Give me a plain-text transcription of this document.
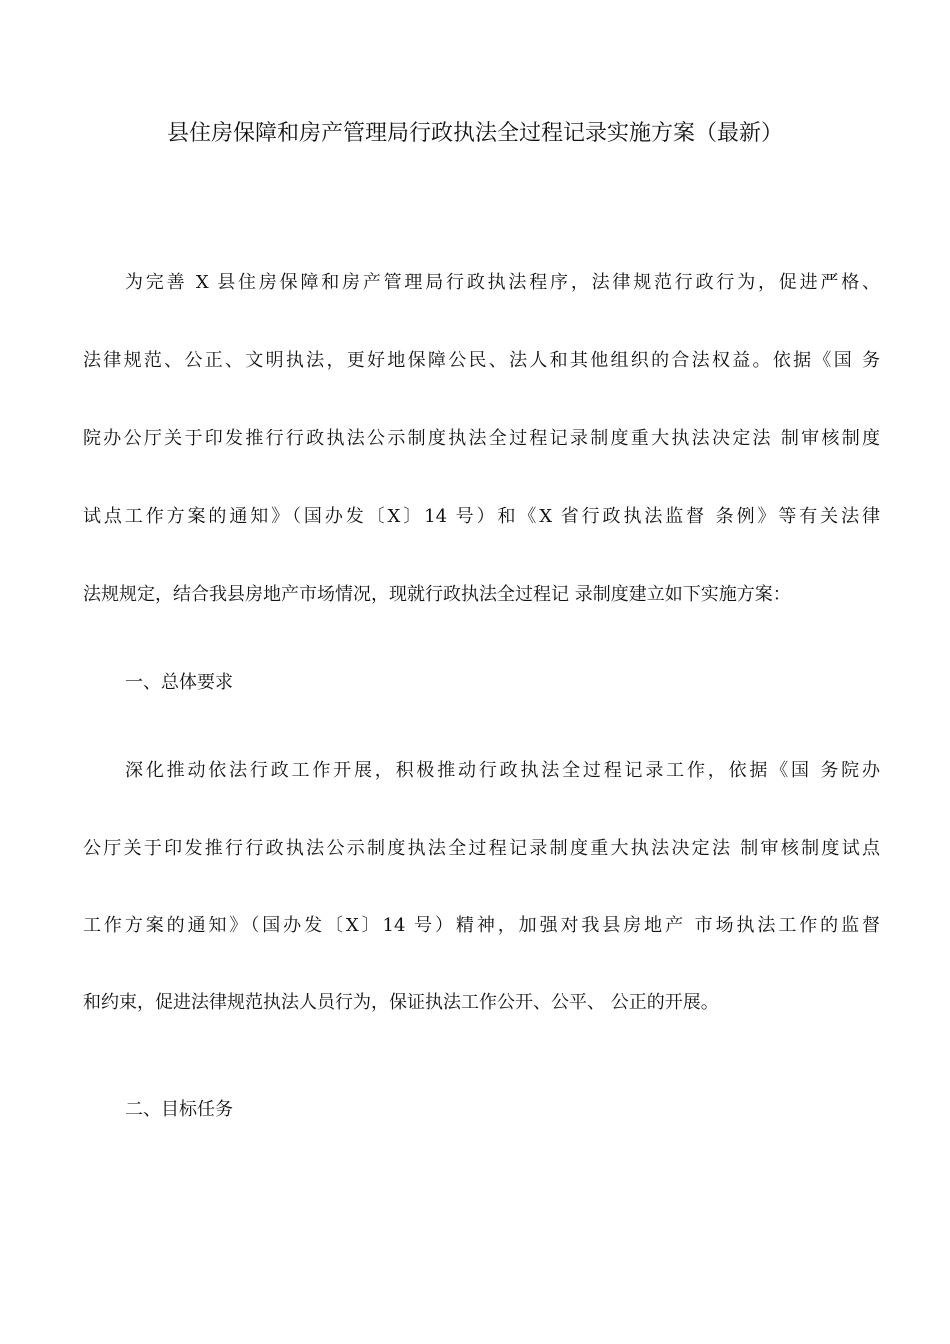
县住房保障和房产管理局行政执法全过程记录实施方案（最新）
为完善 X 县住房保障和房产管理局行政执法程序，法律规范行政行为，促进严格、
法律规范、公正、文明执法，更好地保障公民、法人和其他组织的合法权益。依据《国 务
院办公厅关于印发推行行政执法公示制度执法全过程记录制度重大执法决定法 制审核制度
试点工作方案的通知》（国办发〔X〕14 号）和《X 省行政执法监督 条例》等有关法律
法规规定，结合我县房地产市场情况，现就行政执法全过程记 录制度建立如下实施方案：
一、总体要求
深化推动依法行政工作开展，积极推动行政执法全过程记录工作，依据《国 务院办
公厅关于印发推行行政执法公示制度执法全过程记录制度重大执法决定法 制审核制度试点
工作方案的通知》（国办发〔X〕14 号）精神，加强对我县房地产 市场执法工作的监督
和约束，促进法律规范执法人员行为，保证执法工作公开、公平、 公正的开展。
二、目标任务
